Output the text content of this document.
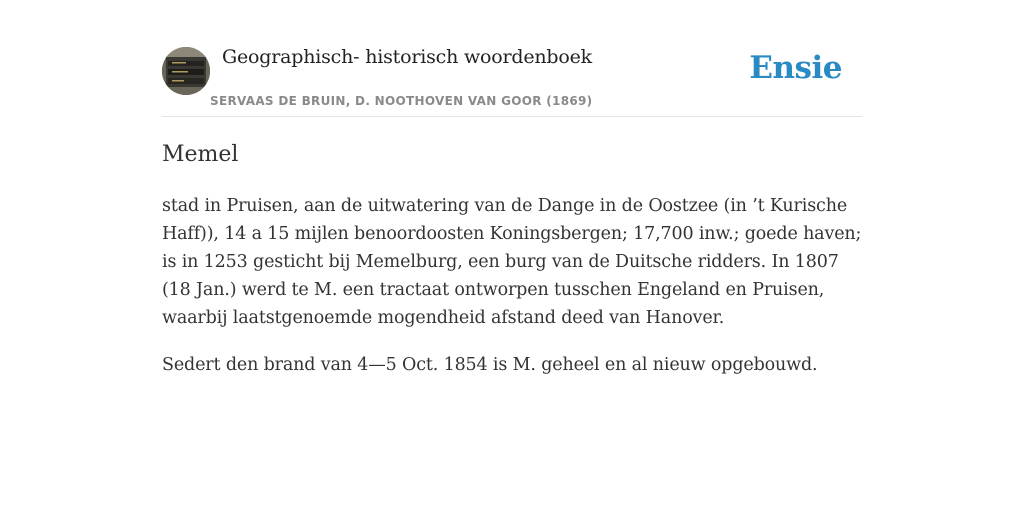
Geographisch- historisch woordenboek
SERVAAS DE BRUIN, D. NOOTHOVEN VAN GOOR (1869)
Ensie
Memel

stad in Pruisen, aan de uitwatering van de Dange in de Oostzee (in ’t Kurische Haff)), 14 a 15 mijlen benoordoosten Koningsbergen; 17,700 inw.; goede haven; is in 1253 gesticht bij Memelburg, een burg van de Duitsche ridders. In 1807 (18 Jan.) werd te M. een tractaat ontworpen tusschen Engeland en Pruisen, waarbij laatstgenoemde mogendheid afstand deed van Hanover.

Sedert den brand van 4—5 Oct. 1854 is M. geheel en al nieuw opgebouwd.
